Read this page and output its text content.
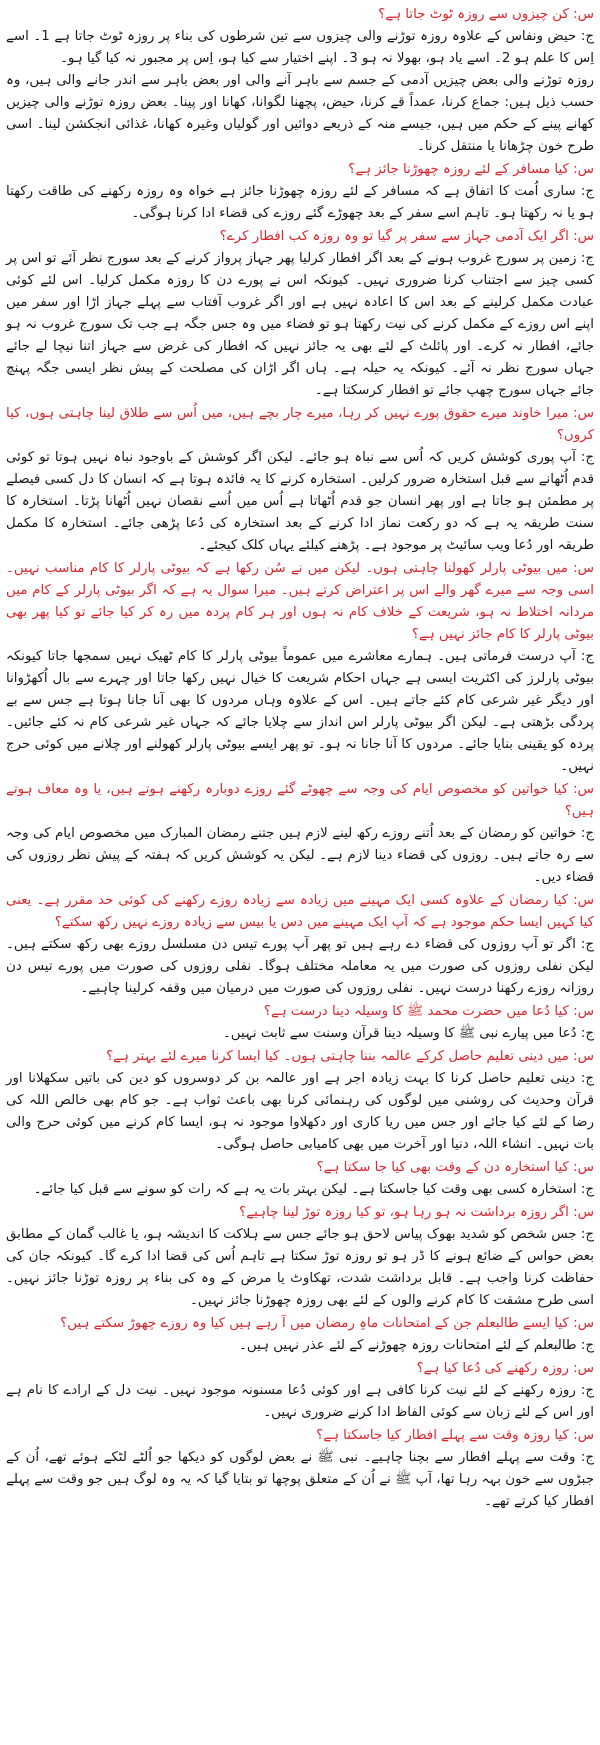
س: کن چیزوں سے روزہ ٹوٹ جاتا ہے؟

ج: حیض ونفاس کے علاوہ روزہ توڑنے والی چیزوں سے تین شرطوں کی بناء پر روزہ ٹوٹ جاتا ہے 1۔ اسے اِس کا علم ہو 2۔ اسے یاد ہو، بھولا نہ ہو 3۔ اپنے اختیار سے کیا ہو، اِس پر مجبور نہ کیا گیا ہو۔

روزہ توڑنے والی بعض چیزیں آدمی کے جسم سے باہر آنے والی اور بعض باہر سے اندر جانے والی ہیں، وہ حسب ذیل ہیں: جماع کرنا، عمداً قے کرنا، حیض، پچھنا لگوانا، کھانا اور پینا۔ بعض روزہ توڑنے والی چیزیں کھانے پینے کے حکم میں ہیں، جیسے منہ کے ذریعے دوائیں اور گولیاں وغیرہ کھانا، غذائی انجکشن لینا۔ اسی طرح خون چڑھانا یا منتقل کرنا۔

س: کیا مسافر کے لئے روزہ چھوڑنا جائز ہے؟

ج: ساری اُمت کا اتفاق ہے کہ مسافر کے لئے روزہ چھوڑنا جائز ہے خواہ وہ روزہ رکھنے کی طاقت رکھتا ہو یا نہ رکھتا ہو۔ تاہم اسے سفر کے بعد چھوڑے گئے روزے کی قضاء ادا کرنا ہوگی۔

س: اگر ایک آدمی جہاز سے سفر پر گیا تو وہ روزہ کب افطار کرے؟

ج: زمین پر سورج غروب ہونے کے بعد اگر افطار کرلیا پھر جہاز پرواز کرنے کے بعد سورج نظر آئے تو اس پر کسی چیز سے اجتناب کرنا ضروری نہیں۔ کیونکہ اس نے پورے دن کا روزہ مکمل کرلیا۔ اس لئے کوئی عبادت مکمل کرلینے کے بعد اس کا اعادہ نہیں ہے اور اگر غروب آفتاب سے پہلے جہاز اڑا اور سفر میں اپنے اس روزے کے مکمل کرنے کی نیت رکھتا ہو تو فضاء میں وہ جس جگہ ہے جب تک سورج غروب نہ ہو جائے، افطار نہ کرے۔ اور پائلٹ کے لئے بھی یہ جائز نہیں کہ افطار کی غرض سے جہاز اتنا نیچا لے جائے جہاں سورج نظر نہ آئے۔ کیونکہ یہ حیلہ ہے۔ ہاں اگر اڑان کی مصلحت کے پیش نظر ایسی جگہ پہنچ جائے جہاں سورج چھپ جائے تو افطار کرسکتا ہے۔

س: میرا خاوند میرے حقوق پورے نہیں کر رہا، میرے چار بچے ہیں، میں اُس سے طلاق لینا چاہتی ہوں، کیا کروں؟

ج: آپ پوری کوشش کریں کہ اُس سے نباہ ہو جائے۔ لیکن اگر کوشش کے باوجود نباہ نہیں ہوتا تو کوئی قدم اُٹھانے سے قبل استخارہ ضرور کرلیں۔ استخارہ کرنے کا یہ فائدہ ہوتا ہے کہ انسان کا دل کسی فیصلے پر مطمئن ہو جاتا ہے اور پھر انسان جو قدم اُٹھاتا ہے اُس میں اُسے نقصان نہیں اُٹھانا پڑتا۔ استخارہ کا سنت طریقہ یہ ہے کہ دو رکعت نماز ادا کرنے کے بعد استخارہ کی دُعا پڑھی جائے۔ استخارہ کا مکمل طریقہ اور دُعا ویب سائیٹ پر موجود ہے۔ پڑھنے کیلئے یہاں کلک کیجئے۔

س: میں بیوٹی پارلر کھولنا چاہتی ہوں۔ لیکن میں نے سُن رکھا ہے کہ بیوٹی پارلر کا کام مناسب نہیں۔ اسی وجہ سے میرے گھر والے اس پر اعتراض کرتے ہیں۔ میرا سوال یہ ہے کہ اگر بیوٹی پارلر کے کام میں مردانہ اختلاط نہ ہو، شریعت کے خلاف کام نہ ہوں اور ہر کام پردہ میں رہ کر کیا جائے تو کیا پھر بھی بیوٹی پارلر کا کام جائز نہیں ہے؟

ج: آپ درست فرماتی ہیں۔ ہمارے معاشرے میں عموماً بیوٹی پارلر کا کام ٹھیک نہیں سمجھا جاتا کیونکہ بیوٹی پارلرز کی اکثریت ایسی ہے جہاں احکام شریعت کا خیال نہیں رکھا جاتا اور چہرے سے بال اُکھڑوانا اور دیگر غیر شرعی کام کئے جاتے ہیں۔ اس کے علاوہ وہاں مردوں کا بھی آنا جانا ہوتا ہے جس سے بے پردگی بڑھتی ہے۔ لیکن اگر بیوٹی پارلر اس انداز سے چلایا جائے کہ جہاں غیر شرعی کام نہ کئے جائیں۔ پردہ کو یقینی بنایا جائے۔ مردوں کا آنا جانا نہ ہو۔ تو پھر ایسے بیوٹی پارلر کھولنے اور چلانے میں کوئی حرج نہیں۔

س: کیا خواتین کو مخصوص ایام کی وجہ سے چھوٹے گئے روزے دوبارہ رکھنے ہوتے ہیں، یا وہ معاف ہوتے ہیں؟

ج: خواتین کو رمضان کے بعد اُتنے روزے رکھ لینے لازم ہیں جتنے رمضان المبارک میں مخصوص ایام کی وجہ سے رہ جاتے ہیں۔ روزوں کی قضاء دینا لازم ہے۔ لیکن یہ کوشش کریں کہ ہفتہ کے پیش نظر روزوں کی قضاء دیں۔

س: کیا رمضان کے علاوہ کسی ایک مہینے میں زیادہ سے زیادہ روزے رکھنے کی کوئی حد مقرر ہے۔ یعنی کیا کہیں ایسا حکم موجود ہے کہ آپ ایک مہینے میں دس یا بیس سے زیادہ روزے نہیں رکھ سکتے؟

ج: اگر تو آپ روزوں کی قضاء دے رہے ہیں تو پھر آپ پورے تیس دن مسلسل روزے بھی رکھ سکتے ہیں۔ لیکن نفلی روزوں کی صورت میں یہ معاملہ مختلف ہوگا۔ نفلی روزوں کی صورت میں پورے تیس دن روزانہ روزے رکھنا درست نہیں۔ نفلی روزوں کی صورت میں درمیان میں وقفہ کرلینا چاہیے۔

س: کیا دُعا میں حضرت محمد ﷺ کا وسیلہ دینا درست ہے؟

ج: دُعا میں پیارے نبی ﷺ کا وسیلہ دینا قرآن وسنت سے ثابت نہیں۔

س: میں دینی تعلیم حاصل کرکے عالمہ بننا چاہتی ہوں۔ کیا ایسا کرنا میرے لئے بہتر ہے؟

ج: دینی تعلیم حاصل کرنا کا بہت زیادہ اجر ہے اور عالمہ بن کر دوسروں کو دین کی باتیں سکھلانا اور قرآن وحدیث کی روشنی میں لوگوں کی رہنمائی کرنا بھی باعث ثواب ہے۔ جو کام بھی خالص اللہ کی رضا کے لئے کیا جائے اور جس میں ریا کاری اور دکھلاوا موجود نہ ہو، ایسا کام کرنے میں کوئی حرج والی بات نہیں۔ انشاء اللہ، دنیا اور آخرت میں بھی کامیابی حاصل ہوگی۔

س: کیا استخارہ دن کے وقت بھی کیا جا سکتا ہے؟

ج: استخارہ کسی بھی وقت کیا جاسکتا ہے۔ لیکن بہتر بات یہ ہے کہ رات کو سونے سے قبل کیا جائے۔

س: اگر روزہ برداشت نہ ہو رہا ہو، تو کیا روزہ توڑ لینا چاہیے؟

ج: جس شخص کو شدید بھوک پیاس لاحق ہو جائے جس سے ہلاکت کا اندیشہ ہو، یا غالب گمان کے مطابق بعض حواس کے ضائع ہونے کا ڈر ہو تو روزہ توڑ سکتا ہے تاہم اُس کی قضا ادا کرے گا۔ کیونکہ جان کی حفاظت کرنا واجب ہے۔ قابل برداشت شدت، تھکاوٹ یا مرض کے وہ کی بناء پر روزہ توڑنا جائز نہیں۔ اسی طرح مشقت کا کام کرنے والوں کے لئے بھی روزہ چھوڑنا جائز نہیں۔

س: کیا ایسے طالبعلم جن کے امتحانات ماہِ رمضان میں آ رہے ہیں کیا وہ روزے چھوڑ سکتے ہیں؟

ج: طالبعلم کے لئے امتحانات روزہ چھوڑنے کے لئے عذر نہیں ہیں۔

س: روزہ رکھنے کی دُعا کیا ہے؟

ج: روزہ رکھنے کے لئے نیت کرنا کافی ہے اور کوئی دُعا مسنونہ موجود نہیں۔ نیت دل کے ارادے کا نام ہے اور اس کے لئے زبان سے کوئی الفاظ ادا کرنے ضروری نہیں۔

س: کیا روزہ وقت سے پہلے افطار کیا جاسکتا ہے؟

ج: وقت سے پہلے افطار سے بچنا چاہیے۔ نبی ﷺ نے بعض لوگوں کو دیکھا جو اُلٹے لٹکے ہوئے تھے، اُن کے جبڑوں سے خون بہہ رہا تھا، آپ ﷺ نے اُن کے متعلق پوچھا تو بتایا گیا کہ یہ وہ لوگ ہیں جو وقت سے پہلے افطار کیا کرتے تھے۔
